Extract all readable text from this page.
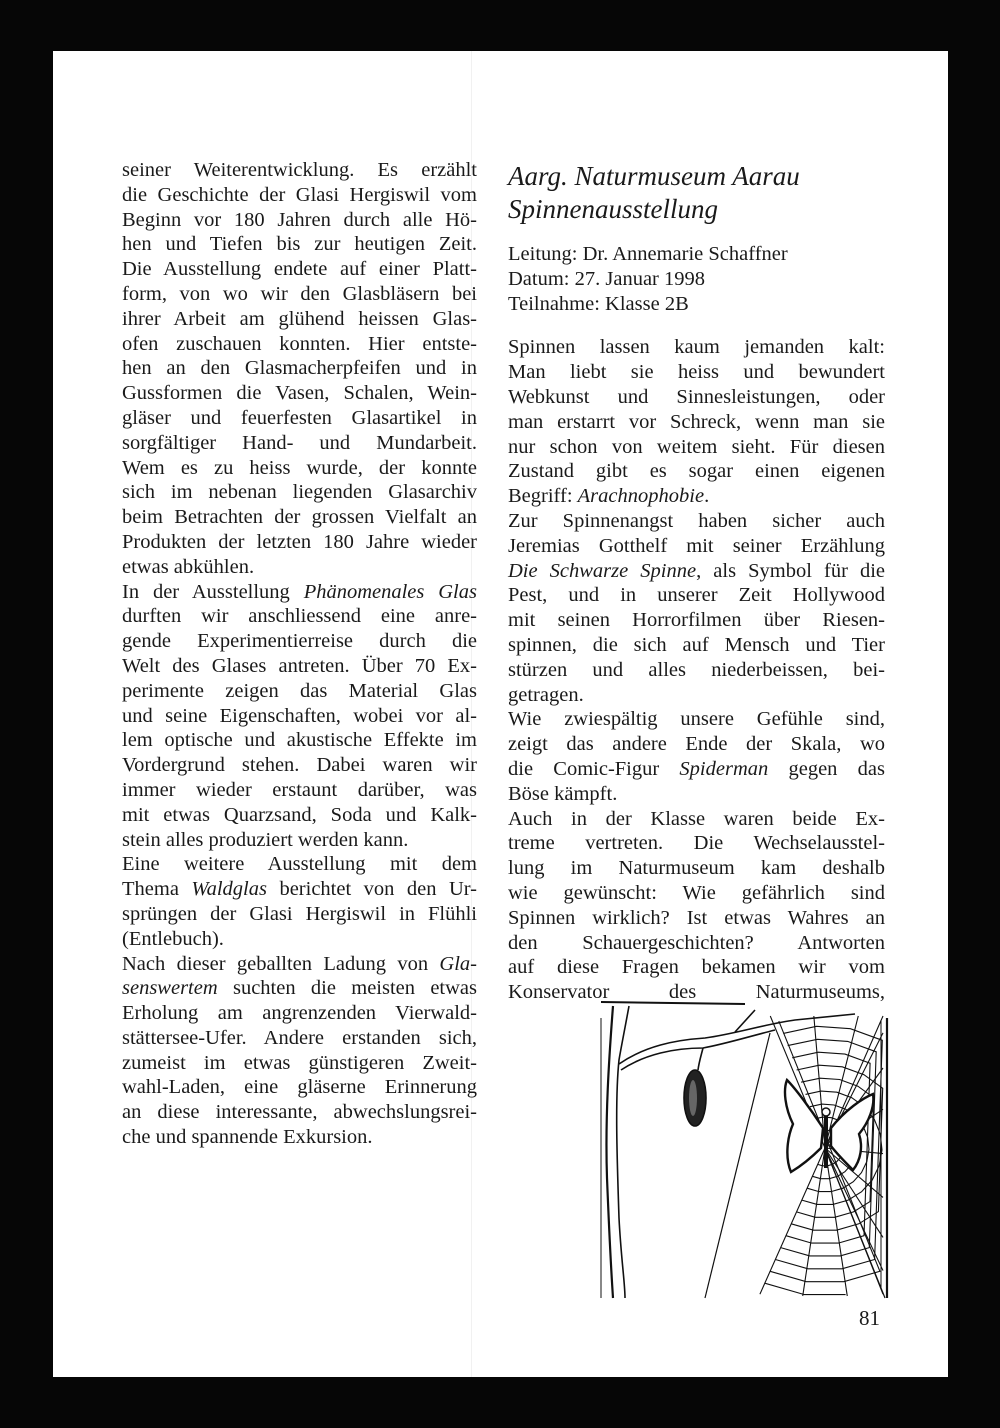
seiner Weiterentwicklung. Es erzählt
die Geschichte der Glasi Hergiswil vom
Beginn vor 180 Jahren durch alle Hö-
hen und Tiefen bis zur heutigen Zeit.
Die Ausstellung endete auf einer Platt-
form, von wo wir den Glasbläsern bei
ihrer Arbeit am glühend heissen Glas-
ofen zuschauen konnten. Hier entste-
hen an den Glasmacherpfeifen und in
Gussformen die Vasen, Schalen, Wein-
gläser und feuerfesten Glasartikel in
sorgfältiger Hand- und Mundarbeit.
Wem es zu heiss wurde, der konnte
sich im nebenan liegenden Glasarchiv
beim Betrachten der grossen Vielfalt an
Produkten der letzten 180 Jahre wieder
etwas abkühlen.
In der Ausstellung Phänomenales Glas
durften wir anschliessend eine anre-
gende Experimentierreise durch die
Welt des Glases antreten. Über 70 Ex-
perimente zeigen das Material Glas
und seine Eigenschaften, wobei vor al-
lem optische und akustische Effekte im
Vordergrund stehen. Dabei waren wir
immer wieder erstaunt darüber, was
mit etwas Quarzsand, Soda und Kalk-
stein alles produziert werden kann.
Eine weitere Ausstellung mit dem
Thema Waldglas berichtet von den Ur-
sprüngen der Glasi Hergiswil in Flühli
(Entlebuch).
Nach dieser geballten Ladung von Gla-
senswertem suchten die meisten etwas
Erholung am angrenzenden Vierwald-
stättersee-Ufer. Andere erstanden sich,
zumeist im etwas günstigeren Zweit-
wahl-Laden, eine gläserne Erinnerung
an diese interessante, abwechslungsrei-
che und spannende Exkursion.
Aarg. Naturmuseum Aarau
Spinnenausstellung
Leitung: Dr. Annemarie Schaffner
Datum: 27. Januar 1998
Teilnahme: Klasse 2B
Spinnen lassen kaum jemanden kalt:
Man liebt sie heiss und bewundert
Webkunst und Sinnesleistungen, oder
man erstarrt vor Schreck, wenn man sie
nur schon von weitem sieht. Für diesen
Zustand gibt es sogar einen eigenen
Begriff: Arachnophobie.
Zur Spinnenangst haben sicher auch
Jeremias Gotthelf mit seiner Erzählung
Die Schwarze Spinne, als Symbol für die
Pest, und in unserer Zeit Hollywood
mit seinen Horrorfilmen über Riesen-
spinnen, die sich auf Mensch und Tier
stürzen und alles niederbeissen, bei-
getragen.
Wie zwiespältig unsere Gefühle sind,
zeigt das andere Ende der Skala, wo
die Comic-Figur Spiderman gegen das
Böse kämpft.
Auch in der Klasse waren beide Ex-
treme vertreten. Die Wechselausstel-
lung im Naturmuseum kam deshalb
wie gewünscht: Wie gefährlich sind
Spinnen wirklich? Ist etwas Wahres an
den Schauergeschichten? Antworten
auf diese Fragen bekamen wir vom
Konservator des Naturmuseums,
81
